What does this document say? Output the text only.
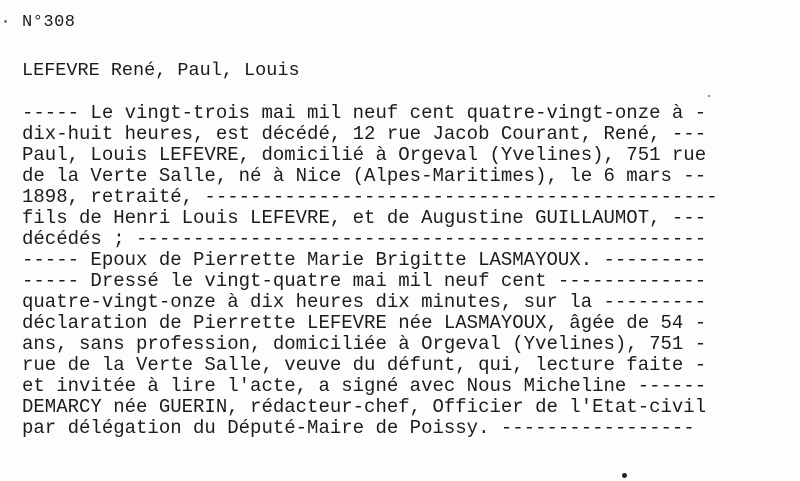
N°308
LEFEVRE René, Paul, Louis
----- Le vingt-trois mai mil neuf cent quatre-vingt-onze à -
dix-huit heures, est décédé, 12 rue Jacob Courant, René, ---
Paul, Louis LEFEVRE, domicilié à Orgeval (Yvelines), 751 rue
de la Verte Salle, né à Nice (Alpes-Maritimes), le 6 mars --
1898, retraité, ---------------------------------------------
fils de Henri Louis LEFEVRE, et de Augustine GUILLAUMOT, ---
décédés ; --------------------------------------------------
----- Epoux de Pierrette Marie Brigitte LASMAYOUX. ---------
----- Dressé le vingt-quatre mai mil neuf cent -------------
quatre-vingt-onze à dix heures dix minutes, sur la ---------
déclaration de Pierrette LEFEVRE née LASMAYOUX, âgée de 54 -
ans, sans profession, domiciliée à Orgeval (Yvelines), 751 -
rue de la Verte Salle, veuve du défunt, qui, lecture faite -
et invitée à lire l'acte, a signé avec Nous Micheline ------
DEMARCY née GUERIN, rédacteur-chef, Officier de l'Etat-civil
par délégation du Député-Maire de Poissy. -----------------
